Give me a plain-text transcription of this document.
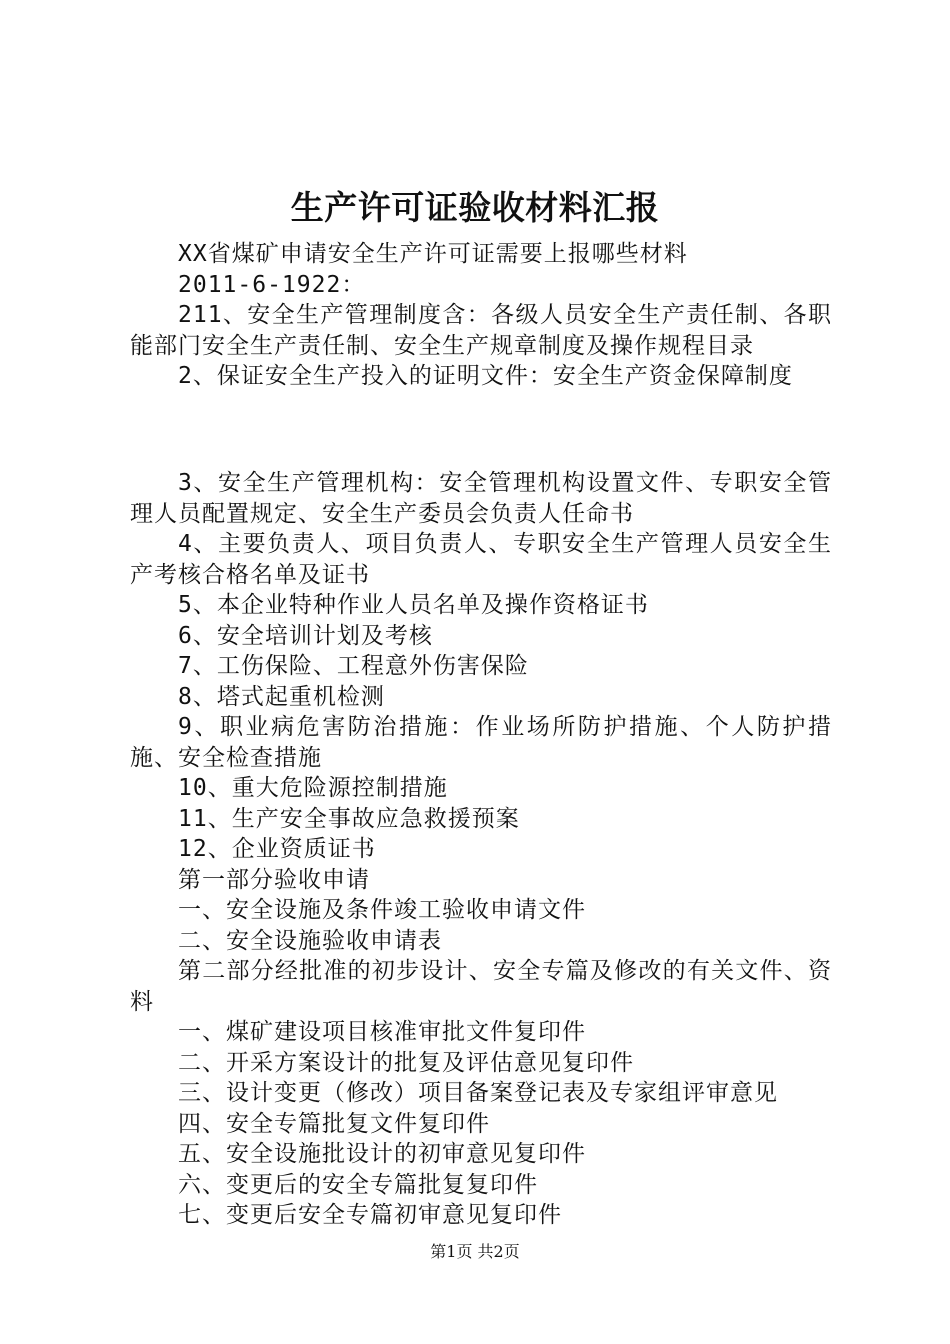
生产许可证验收材料汇报

XX省煤矿申请安全生产许可证需要上报哪些材料

2011-6-1922：

211、安全生产管理制度含：各级人员安全生产责任制、各职能部门安全生产责任制、安全生产规章制度及操作规程目录

2、保证安全生产投入的证明文件：安全生产资金保障制度

3、安全生产管理机构：安全管理机构设置文件、专职安全管理人员配置规定、安全生产委员会负责人任命书

4、主要负责人、项目负责人、专职安全生产管理人员安全生产考核合格名单及证书

5、本企业特种作业人员名单及操作资格证书

6、安全培训计划及考核

7、工伤保险、工程意外伤害保险

8、塔式起重机检测

9、职业病危害防治措施：作业场所防护措施、个人防护措施、安全检查措施

10、重大危险源控制措施

11、生产安全事故应急救援预案

12、企业资质证书

第一部分验收申请

一、安全设施及条件竣工验收申请文件

二、安全设施验收申请表

第二部分经批准的初步设计、安全专篇及修改的有关文件、资料

一、煤矿建设项目核准审批文件复印件

二、开采方案设计的批复及评估意见复印件

三、设计变更（修改）项目备案登记表及专家组评审意见

四、安全专篇批复文件复印件

五、安全设施批设计的初审意见复印件

六、变更后的安全专篇批复复印件

七、变更后安全专篇初审意见复印件

第1页 共2页
